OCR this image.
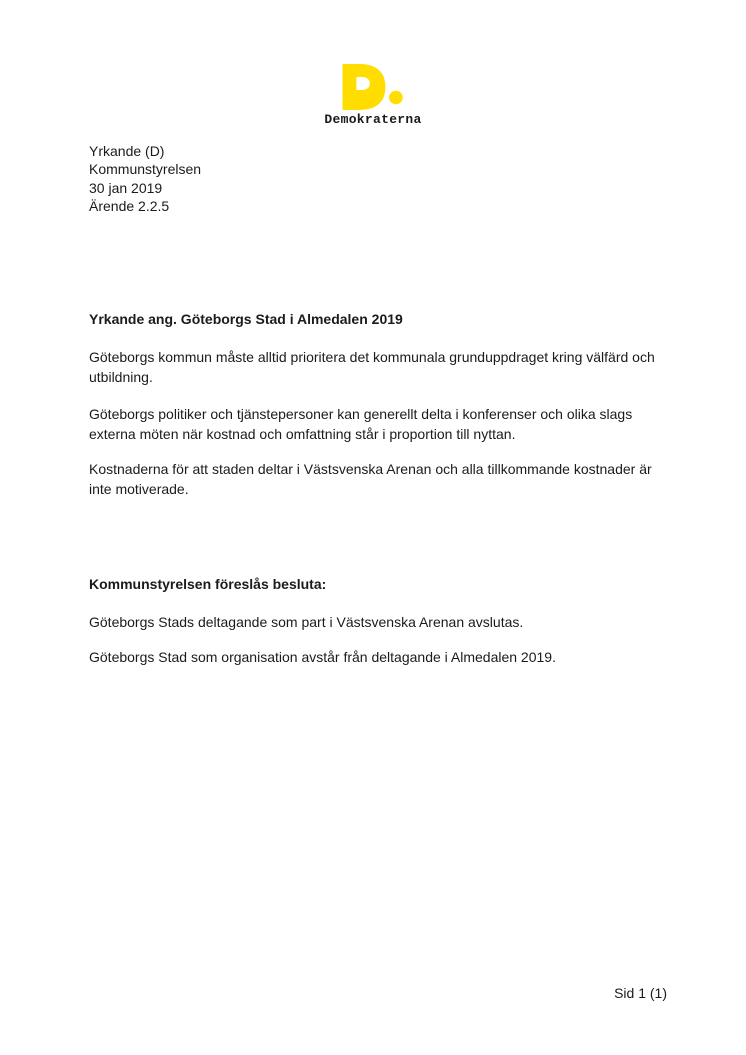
Demokraterna
Yrkande (D)
Kommunstyrelsen
30 jan 2019
Ärende 2.2.5
Yrkande ang. Göteborgs Stad i Almedalen 2019

Göteborgs kommun måste alltid prioritera det kommunala grunduppdraget kring välfärd och utbildning.

Göteborgs politiker och tjänstepersoner kan generellt delta i konferenser och olika slags externa möten när kostnad och omfattning står i proportion till nyttan.

Kostnaderna för att staden deltar i Västsvenska Arenan och alla tillkommande kostnader är inte motiverade.

Kommunstyrelsen föreslås besluta:

Göteborgs Stads deltagande som part i Västsvenska Arenan avslutas.

Göteborgs Stad som organisation avstår från deltagande i Almedalen 2019.

Sid 1 (1)
